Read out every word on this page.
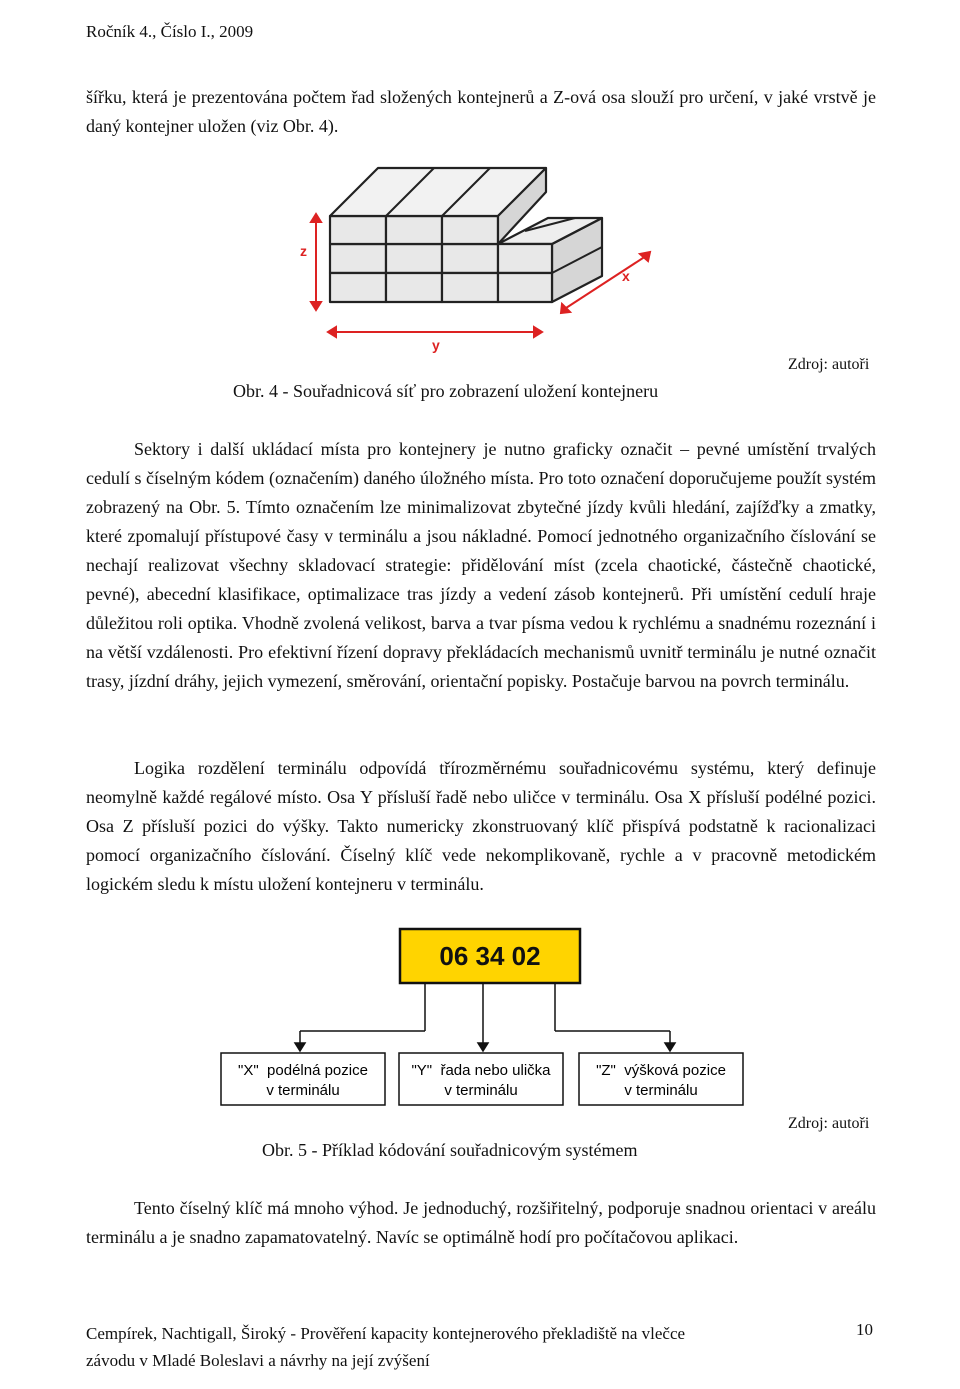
Ročník 4., Číslo I., 2009

šířku, která je prezentována počtem řad složených kontejnerů a Z-ová osa slouží pro určení, v jaké vrstvě je daný kontejner uložen (viz Obr. 4).

z
y
x
Zdroj: autoři
Obr. 4 - Souřadnicová síť pro zobrazení uložení kontejneru

Sektory i další ukládací místa pro kontejnery je nutno graficky označit – pevné umístění trvalých cedulí s číselným kódem (označením) daného úložného místa. Pro toto označení doporučujeme použít systém zobrazený na Obr. 5. Tímto označením lze minimalizovat zbytečné jízdy kvůli hledání, zajížďky a zmatky, které zpomalují přístupové časy v terminálu a jsou nákladné. Pomocí jednotného organizačního číslování se nechají realizovat všechny skladovací strategie: přidělování míst (zcela chaotické, částečně chaotické, pevné), abecední klasifikace, optimalizace tras jízdy a vedení zásob kontejnerů. Při umístění cedulí hraje důležitou roli optika. Vhodně zvolená velikost, barva a tvar písma vedou k rychlému a snadnému rozeznání i na větší vzdálenosti. Pro efektivní řízení dopravy překládacích mechanismů uvnitř terminálu je nutné označit trasy, jízdní dráhy, jejich vymezení, směrování, orientační popisky. Postačuje barvou na povrch terminálu.

Logika rozdělení terminálu odpovídá třírozměrnému souřadnicovému systému, který definuje neomylně každé regálové místo. Osa Y přísluší řadě nebo uličce v terminálu. Osa X přísluší podélné pozici. Osa Z přísluší pozici do výšky. Takto numericky zkonstruovaný klíč přispívá podstatně k racionalizaci pomocí organizačního číslování. Číselný klíč vede nekomplikovaně, rychle a v pracovně metodickém logickém sledu k místu uložení kontejneru v terminálu.

06 34 02
"X"  podélná pozice
v terminálu
"Y"  řada nebo ulička
v terminálu
"Z"  výšková pozice
v terminálu
Zdroj: autoři
Obr. 5 - Příklad kódování souřadnicovým systémem

Tento číselný klíč má mnoho výhod. Je jednoduchý, rozšiřitelný, podporuje snadnou orientaci v areálu terminálu a je snadno zapamatovatelný. Navíc se optimálně hodí pro počítačovou aplikaci.

Cempírek, Nachtigall, Široký - Prověření kapacity kontejnerového překladiště na vlečce
závodu v Mladé Boleslavi a návrhy na její zvýšení
10
